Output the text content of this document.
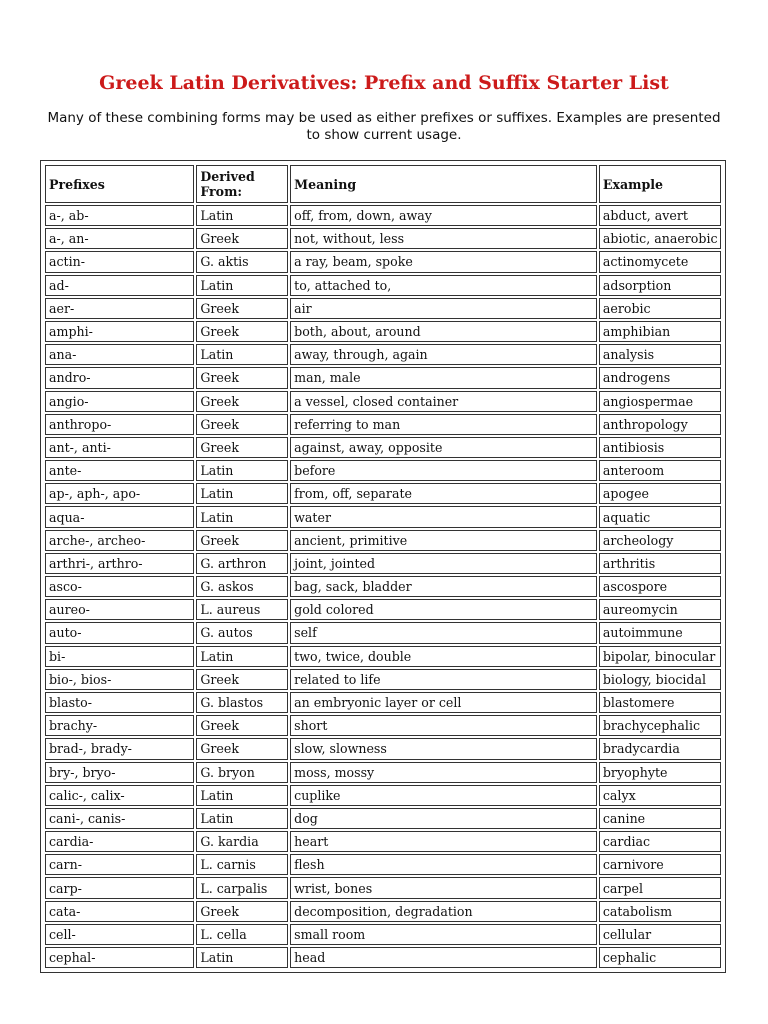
Greek Latin Derivatives: Prefix and Suffix Starter List
Many of these combining forms may be used as either prefixes or suffixes. Examples are presented to show current usage.
Prefixes	Derived From:	Meaning	Example
a-, ab-	Latin	off, from, down, away	abduct, avert
a-, an-	Greek	not, without, less	abiotic, anaerobic
actin-	G. aktis	a ray, beam, spoke	actinomycete
ad-	Latin	to, attached to,	adsorption
aer-	Greek	air	aerobic
amphi-	Greek	both, about, around	amphibian
ana-	Latin	away, through, again	analysis
andro-	Greek	man, male	androgens
angio-	Greek	a vessel, closed container	angiospermae
anthropo-	Greek	referring to man	anthropology
ant-, anti-	Greek	against, away, opposite	antibiosis
ante-	Latin	before	anteroom
ap-, aph-, apo-	Latin	from, off, separate	apogee
aqua-	Latin	water	aquatic
arche-, archeo-	Greek	ancient, primitive	archeology
arthri-, arthro-	G. arthron	joint, jointed	arthritis
asco-	G. askos	bag, sack, bladder	ascospore
aureo-	L. aureus	gold colored	aureomycin
auto-	G. autos	self	autoimmune
bi-	Latin	two, twice, double	bipolar, binocular
bio-, bios-	Greek	related to life	biology, biocidal
blasto-	G. blastos	an embryonic layer or cell	blastomere
brachy-	Greek	short	brachycephalic
brad-, brady-	Greek	slow, slowness	bradycardia
bry-, bryo-	G. bryon	moss, mossy	bryophyte
calic-, calix-	Latin	cuplike	calyx
cani-, canis-	Latin	dog	canine
cardia-	G. kardia	heart	cardiac
carn-	L. carnis	flesh	carnivore
carp-	L. carpalis	wrist, bones	carpel
cata-	Greek	decomposition, degradation	catabolism
cell-	L. cella	small room	cellular
cephal-	Latin	head	cephalic
